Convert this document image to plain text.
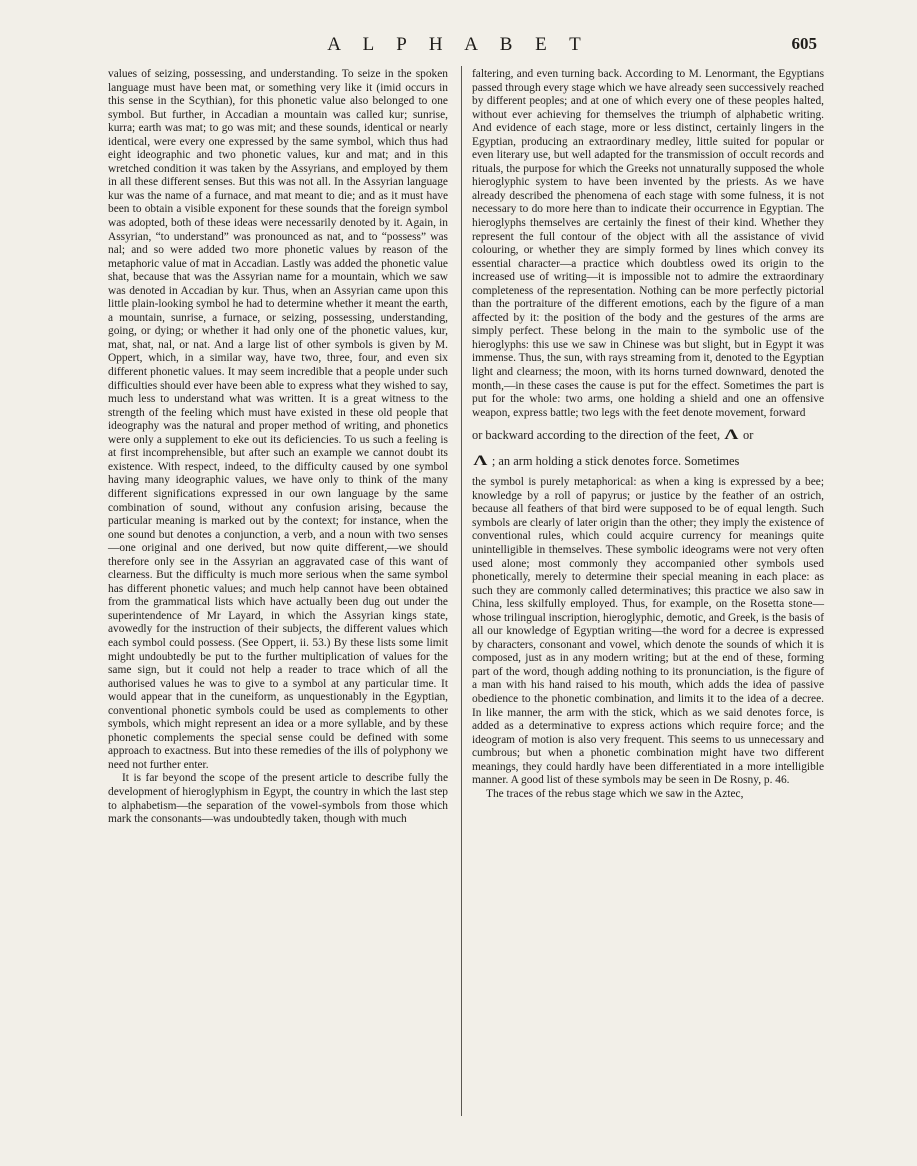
A L P H A B E T	605

values of seizing, possessing, and understanding. To seize in the spoken language must have been mat, or something very like it (imid occurs in this sense in the Scythian), for this phonetic value also belonged to one symbol. But further, in Accadian a mountain was called kur; sunrise, kurra; earth was mat; to go was mit; and these sounds, identical or nearly identical, were every one expressed by the same symbol, which thus had eight ideographic and two phonetic values, kur and mat; and in this wretched condition it was taken by the Assyrians, and employed by them in all these different senses. But this was not all. In the Assyrian language kur was the name of a furnace, and mat meant to die; and as it must have been to obtain a visible exponent for these sounds that the foreign symbol was adopted, both of these ideas were necessarily denoted by it. Again, in Assyrian, “to understand” was pronounced as nat, and to “possess” was nal; and so were added two more phonetic values by reason of the metaphoric value of mat in Accadian. Lastly was added the phonetic value shat, because that was the Assyrian name for a mountain, which we saw was denoted in Accadian by kur. Thus, when an Assyrian came upon this little plain-looking symbol he had to determine whether it meant the earth, a mountain, sunrise, a furnace, or seizing, possessing, understanding, going, or dying; or whether it had only one of the phonetic values, kur, mat, shat, nal, or nat. And a large list of other symbols is given by M. Oppert, which, in a similar way, have two, three, four, and even six different phonetic values. It may seem incredible that a people under such difficulties should ever have been able to express what they wished to say, much less to understand what was written. It is a great witness to the strength of the feeling which must have existed in these old people that ideography was the natural and proper method of writing, and phonetics were only a supplement to eke out its deficiencies. To us such a feeling is at first incomprehensible, but after such an example we cannot doubt its existence. With respect, indeed, to the difficulty caused by one symbol having many ideographic values, we have only to think of the many different significations expressed in our own language by the same combination of sound, without any confusion arising, because the particular meaning is marked out by the context; for instance, when the one sound but denotes a conjunction, a verb, and a noun with two senses—one original and one derived, but now quite different,—we should therefore only see in the Assyrian an aggravated case of this want of clearness. But the difficulty is much more serious when the same symbol has different phonetic values; and much help cannot have been obtained from the grammatical lists which have actually been dug out under the superintendence of Mr Layard, in which the Assyrian kings state, avowedly for the instruction of their subjects, the different values which each symbol could possess. (See Oppert, ii. 53.) By these lists some limit might undoubtedly be put to the further multiplication of values for the same sign, but it could not help a reader to trace which of all the authorised values he was to give to a symbol at any particular time. It would appear that in the cuneiform, as unquestionably in the Egyptian, conventional phonetic symbols could be used as complements to other symbols, which might represent an idea or a more syllable, and by these phonetic complements the special sense could be defined with some approach to exactness. But into these remedies of the ills of polyphony we need not further enter.

It is far beyond the scope of the present article to describe fully the development of hieroglyphism in Egypt, the country in which the last step to alphabetism—the separation of the vowel-symbols from those which mark the consonants—was undoubtedly taken, though with much

faltering, and even turning back. According to M. Lenormant, the Egyptians passed through every stage which we have already seen successively reached by different peoples; and at one of which every one of these peoples halted, without ever achieving for themselves the triumph of alphabetic writing. And evidence of each stage, more or less distinct, certainly lingers in the Egyptian, producing an extraordinary medley, little suited for popular or even literary use, but well adapted for the transmission of occult records and rituals, the purpose for which the Greeks not unnaturally supposed the whole hieroglyphic system to have been invented by the priests. As we have already described the phenomena of each stage with some fulness, it is not necessary to do more here than to indicate their occurrence in Egyptian. The hieroglyphs themselves are certainly the finest of their kind. Whether they represent the full contour of the object with all the assistance of vivid colouring, or whether they are simply formed by lines which convey its essential character—a practice which doubtless owed its origin to the increased use of writing—it is impossible not to admire the extraordinary completeness of the representation. Nothing can be more perfectly pictorial than the portraiture of the different emotions, each by the figure of a man affected by it: the position of the body and the gestures of the arms are simply perfect. These belong in the main to the symbolic use of the hieroglyphs: this use we saw in Chinese was but slight, but in Egypt it was immense. Thus, the sun, with rays streaming from it, denoted to the Egyptian light and clearness; the moon, with its horns turned downward, denoted the month,—in these cases the cause is put for the effect. Sometimes the part is put for the whole: two arms, one holding a shield and one an offensive weapon, express battle; two legs with the feet denote movement, forward

or backward according to the direction of the feet, Λ or

Λ ; an arm holding a stick denotes force. Sometimes

the symbol is purely metaphorical: as when a king is expressed by a bee; knowledge by a roll of papyrus; or justice by the feather of an ostrich, because all feathers of that bird were supposed to be of equal length. Such symbols are clearly of later origin than the other; they imply the existence of conventional rules, which could acquire currency for meanings quite unintelligible in themselves. These symbolic ideograms were not very often used alone; most commonly they accompanied other symbols used phonetically, merely to determine their special meaning in each place: as such they are commonly called determinatives; this practice we also saw in China, less skilfully employed. Thus, for example, on the Rosetta stone—whose trilingual inscription, hieroglyphic, demotic, and Greek, is the basis of all our knowledge of Egyptian writing—the word for a decree is expressed by characters, consonant and vowel, which denote the sounds of which it is composed, just as in any modern writing; but at the end of these, forming part of the word, though adding nothing to its pronunciation, is the figure of a man with his hand raised to his mouth, which adds the idea of passive obedience to the phonetic combination, and limits it to the idea of a decree. In like manner, the arm with the stick, which as we said denotes force, is added as a determinative to express actions which require force; and the ideogram of motion is also very frequent. This seems to us unnecessary and cumbrous; but when a phonetic combination might have two different meanings, they could hardly have been differentiated in a more intelligible manner. A good list of these symbols may be seen in De Rosny, p. 46.

The traces of the rebus stage which we saw in the Aztec,
